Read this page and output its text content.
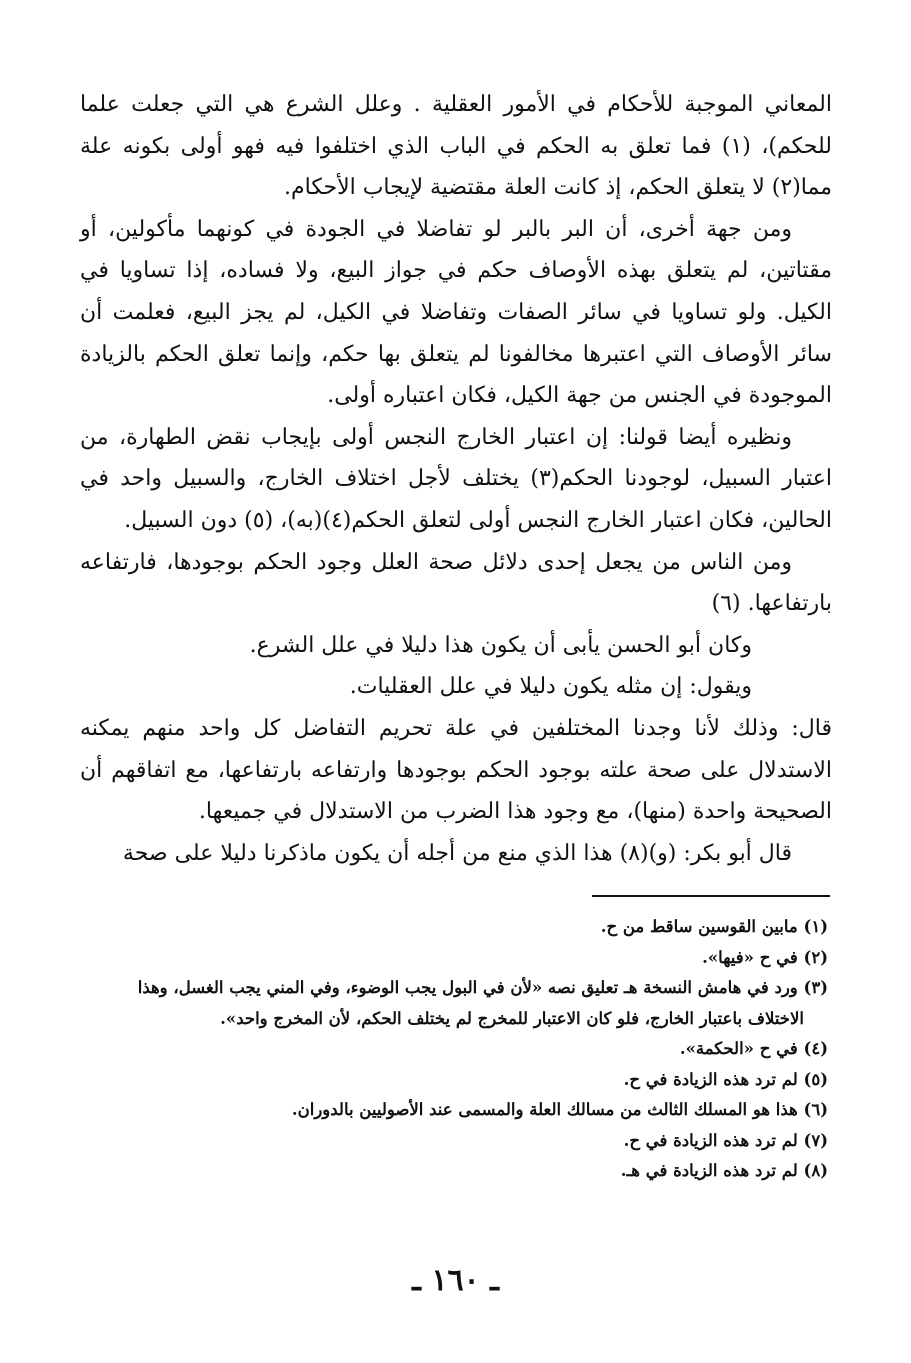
المعاني الموجبة للأحكام في الأمور العقلية . وعلل الشرع هي التي جعلت علما للحكم)، (١) فما تعلق به الحكم في الباب الذي اختلفوا فيه فهو أولى بكونه علة مما(٢) لا يتعلق الحكم، إذ كانت العلة مقتضية لإيجاب الأحكام.

ومن جهة أخرى، أن البر بالبر لو تفاضلا في الجودة في كونهما مأكولين، أو مقتاتين، لم يتعلق بهذه الأوصاف حكم في جواز البيع، ولا فساده، إذا تساويا في الكيل. ولو تساويا في سائر الصفات وتفاضلا في الكيل، لم يجز البيع، فعلمت أن سائر الأوصاف التي اعتبرها مخالفونا لم يتعلق بها حكم، وإنما تعلق الحكم بالزيادة الموجودة في الجنس من جهة الكيل، فكان اعتباره أولى.

ونظيره أيضا قولنا: إن اعتبار الخارج النجس أولى بإيجاب نقض الطهارة، من اعتبار السبيل، لوجودنا الحكم(٣) يختلف لأجل اختلاف الخارج، والسبيل واحد في الحالين، فكان اعتبار الخارج النجس أولى لتعلق الحكم(٤)(به)، (٥) دون السبيل.

ومن الناس من يجعل إحدى دلائل صحة العلل وجود الحكم بوجودها، فارتفاعه بارتفاعها. (٦)

وكان أبو الحسن يأبى أن يكون هذا دليلا في علل الشرع.

ويقول: إن مثله يكون دليلا في علل العقليات.

قال: وذلك لأنا وجدنا المختلفين في علة تحريم التفاضل كل واحد منهم يمكنه الاستدلال على صحة علته بوجود الحكم بوجودها وارتفاعه بارتفاعها، مع اتفاقهم أن الصحيحة واحدة (منها)، مع وجود هذا الضرب من الاستدلال في جميعها.

قال أبو بكر: (و)(٨) هذا الذي منع من أجله أن يكون ماذكرنا دليلا على صحة

(١) مابين القوسين ساقط من ح.

(٢) في ح «فيها».

(٣) ورد في هامش النسخة هـ تعليق نصه «لأن في البول يجب الوضوء، وفي المني يجب الغسل، وهذا

الاختلاف باعتبار الخارج، فلو كان الاعتبار للمخرج لم يختلف الحكم، لأن المخرج واحد».

(٤) في ح «الحكمة».

(٥) لم ترد هذه الزيادة في ح.

(٦) هذا هو المسلك الثالث من مسالك العلة والمسمى عند الأصوليين بالدوران.

(٧) لم ترد هذه الزيادة في ح.

(٨) لم ترد هذه الزيادة في هـ.

ـ ١٦٠ ـ
